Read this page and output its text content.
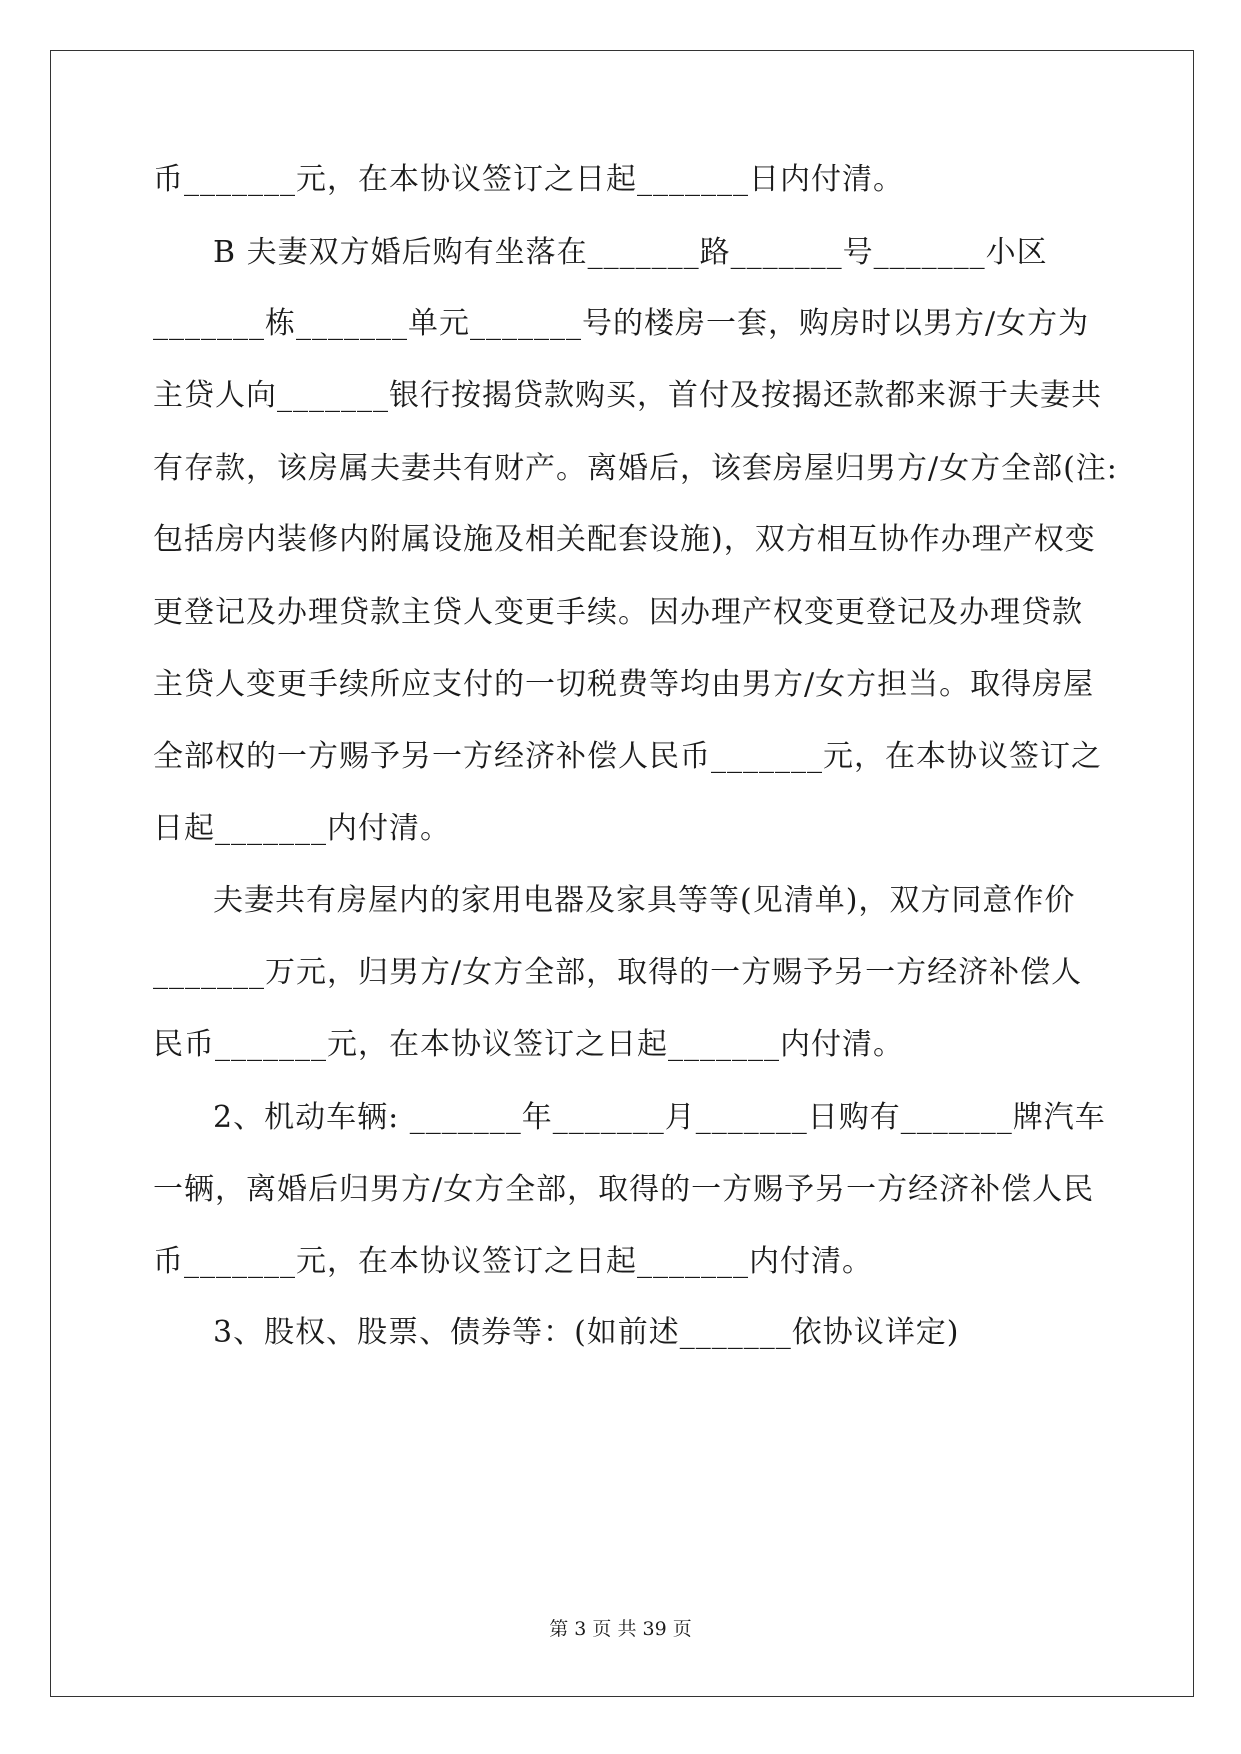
币_______元，在本协议签订之日起_______日内付清。
B 夫妻双方婚后购有坐落在_______路_______号_______小区
_______栋_______单元_______号的楼房一套，购房时以男方/女方为
主贷人向_______银行按揭贷款购买，首付及按揭还款都来源于夫妻共
有存款，该房属夫妻共有财产。离婚后，该套房屋归男方/女方全部(注:
包括房内装修内附属设施及相关配套设施)，双方相互协作办理产权变
更登记及办理贷款主贷人变更手续。因办理产权变更登记及办理贷款
主贷人变更手续所应支付的一切税费等均由男方/女方担当。取得房屋
全部权的一方赐予另一方经济补偿人民币_______元，在本协议签订之
日起_______内付清。
夫妻共有房屋内的家用电器及家具等等(见清单)，双方同意作价
_______万元，归男方/女方全部，取得的一方赐予另一方经济补偿人
民币_______元，在本协议签订之日起_______内付清。
2、机动车辆: _______年_______月_______日购有_______牌汽车
一辆，离婚后归男方/女方全部，取得的一方赐予另一方经济补偿人民
币_______元，在本协议签订之日起_______内付清。
3、股权、股票、债券等：(如前述_______依协议详定)
第 3 页 共 39 页
